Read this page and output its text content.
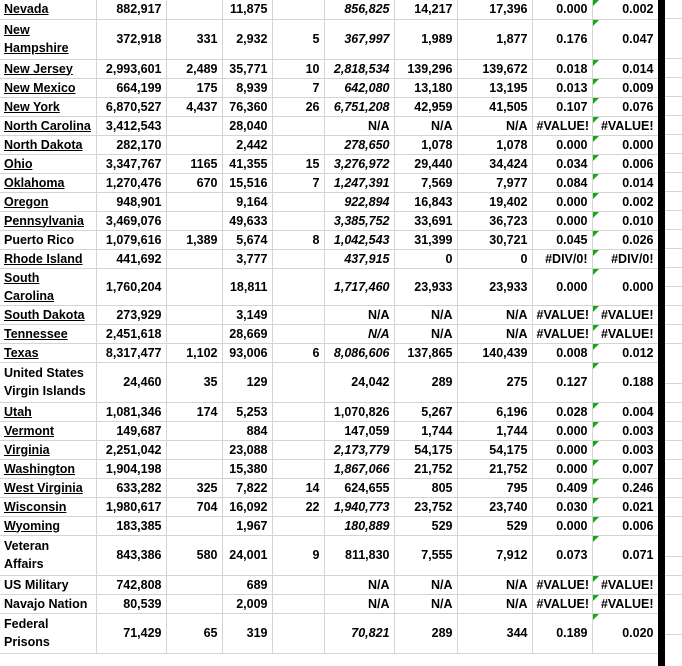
Nevada	882,917		11,875		856,825	14,217	17,396	0.000	0.002
New Hampshire	372,918	331	2,932	5	367,997	1,989	1,877	0.176	0.047
New Jersey	2,993,601	2,489	35,771	10	2,818,534	139,296	139,672	0.018	0.014
New Mexico	664,199	175	8,939	7	642,080	13,180	13,195	0.013	0.009
New York	6,870,527	4,437	76,360	26	6,751,208	42,959	41,505	0.107	0.076
North Carolina	3,412,543		28,040		N/A	N/A	N/A	#VALUE!	#VALUE!
North Dakota	282,170		2,442		278,650	1,078	1,078	0.000	0.000
Ohio	3,347,767	1165	41,355	15	3,276,972	29,440	34,424	0.034	0.006
Oklahoma	1,270,476	670	15,516	7	1,247,391	7,569	7,977	0.084	0.014
Oregon	948,901		9,164		922,894	16,843	19,402	0.000	0.002
Pennsylvania	3,469,076		49,633		3,385,752	33,691	36,723	0.000	0.010
Puerto Rico	1,079,616	1,389	5,674	8	1,042,543	31,399	30,721	0.045	0.026
Rhode Island	441,692		3,777		437,915	0	0	#DIV/0!	#DIV/0!
South Carolina	1,760,204		18,811		1,717,460	23,933	23,933	0.000	0.000
South Dakota	273,929		3,149		N/A	N/A	N/A	#VALUE!	#VALUE!
Tennessee	2,451,618		28,669		N/A	N/A	N/A	#VALUE!	#VALUE!
Texas	8,317,477	1,102	93,006	6	8,086,606	137,865	140,439	0.008	0.012
United States Virgin Islands	24,460	35	129		24,042	289	275	0.127	0.188
Utah	1,081,346	174	5,253		1,070,826	5,267	6,196	0.028	0.004
Vermont	149,687		884		147,059	1,744	1,744	0.000	0.003
Virginia	2,251,042		23,088		2,173,779	54,175	54,175	0.000	0.003
Washington	1,904,198		15,380		1,867,066	21,752	21,752	0.000	0.007
West Virginia	633,282	325	7,822	14	624,655	805	795	0.409	0.246
Wisconsin	1,980,617	704	16,092	22	1,940,773	23,752	23,740	0.030	0.021
Wyoming	183,385		1,967		180,889	529	529	0.000	0.006
Veteran Affairs	843,386	580	24,001	9	811,830	7,555	7,912	0.073	0.071
US Military	742,808		689		N/A	N/A	N/A	#VALUE!	#VALUE!
Navajo Nation	80,539		2,009		N/A	N/A	N/A	#VALUE!	#VALUE!
Federal Prisons	71,429	65	319		70,821	289	344	0.189	0.020
